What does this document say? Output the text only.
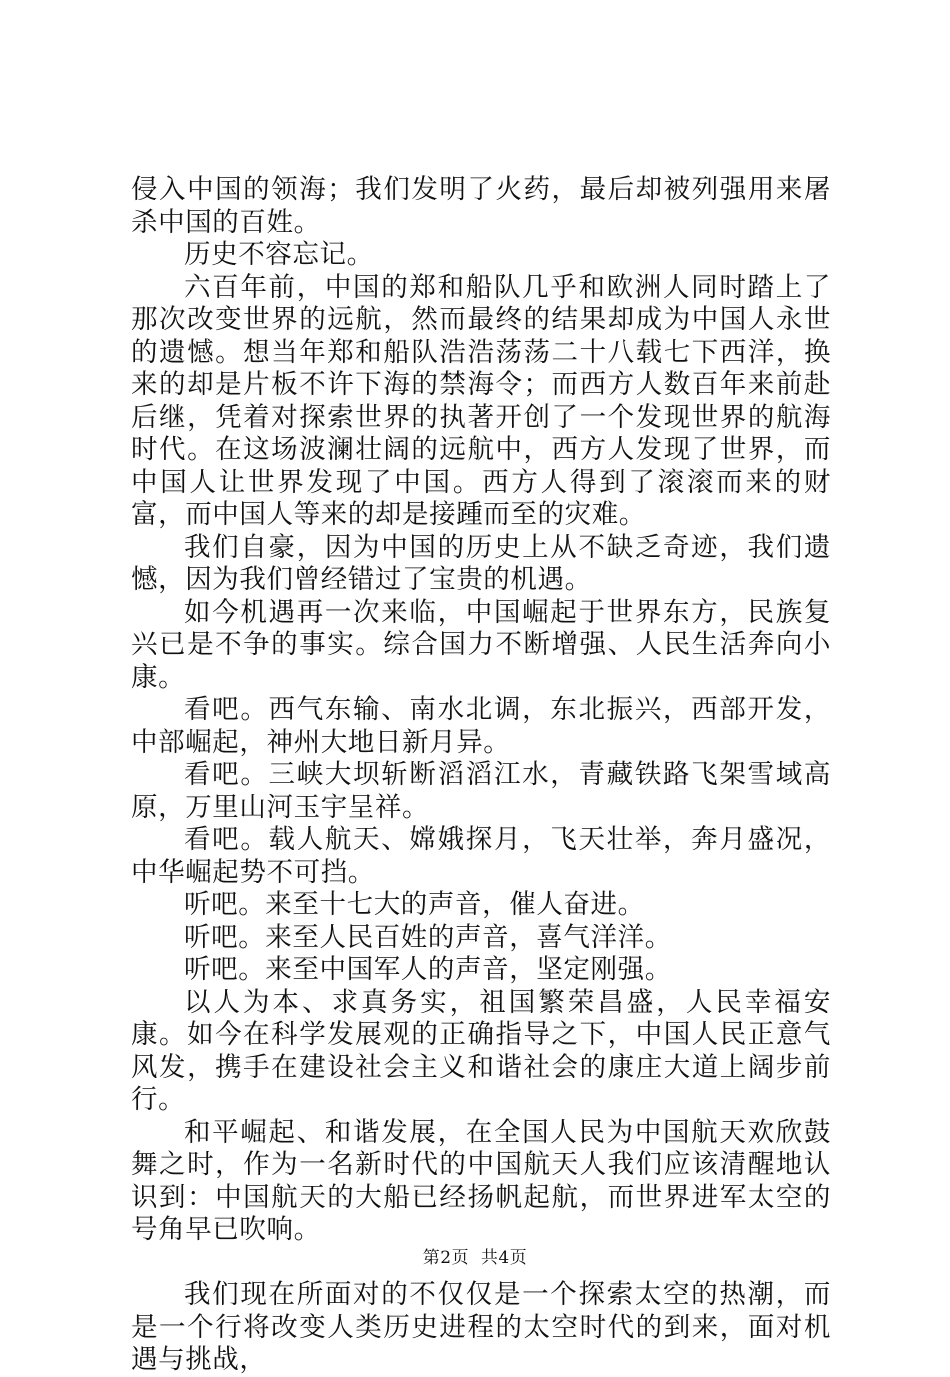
侵入中国的领海；我们发明了火药，最后却被列强用来屠杀中国的百姓。

历史不容忘记。

六百年前，中国的郑和船队几乎和欧洲人同时踏上了那次改变世界的远航，然而最终的结果却成为中国人永世的遗憾。想当年郑和船队浩浩荡荡二十八载七下西洋，换来的却是片板不许下海的禁海令；而西方人数百年来前赴后继，凭着对探索世界的执著开创了一个发现世界的航海时代。在这场波澜壮阔的远航中，西方人发现了世界，而中国人让世界发现了中国。西方人得到了滚滚而来的财富，而中国人等来的却是接踵而至的灾难。

我们自豪，因为中国的历史上从不缺乏奇迹，我们遗憾，因为我们曾经错过了宝贵的机遇。

如今机遇再一次来临，中国崛起于世界东方，民族复兴已是不争的事实。综合国力不断增强、人民生活奔向小康。

看吧。西气东输、南水北调，东北振兴，西部开发，中部崛起，神州大地日新月异。

看吧。三峡大坝斩断滔滔江水，青藏铁路飞架雪域高原，万里山河玉宇呈祥。

看吧。载人航天、嫦娥探月，飞天壮举，奔月盛况，中华崛起势不可挡。

听吧。来至十七大的声音，催人奋进。

听吧。来至人民百姓的声音，喜气洋洋。

听吧。来至中国军人的声音，坚定刚强。

以人为本、求真务实，祖国繁荣昌盛，人民幸福安康。如今在科学发展观的正确指导之下，中国人民正意气风发，携手在建设社会主义和谐社会的康庄大道上阔步前行。

和平崛起、和谐发展，在全国人民为中国航天欢欣鼓舞之时，作为一名新时代的中国航天人我们应该清醒地认识到：中国航天的大船已经扬帆起航，而世界进军太空的号角早已吹响。

我们现在所面对的不仅仅是一个探索太空的热潮，而是一个行将改变人类历史进程的太空时代的到来，面对机遇与挑战，

第2页  共4页
